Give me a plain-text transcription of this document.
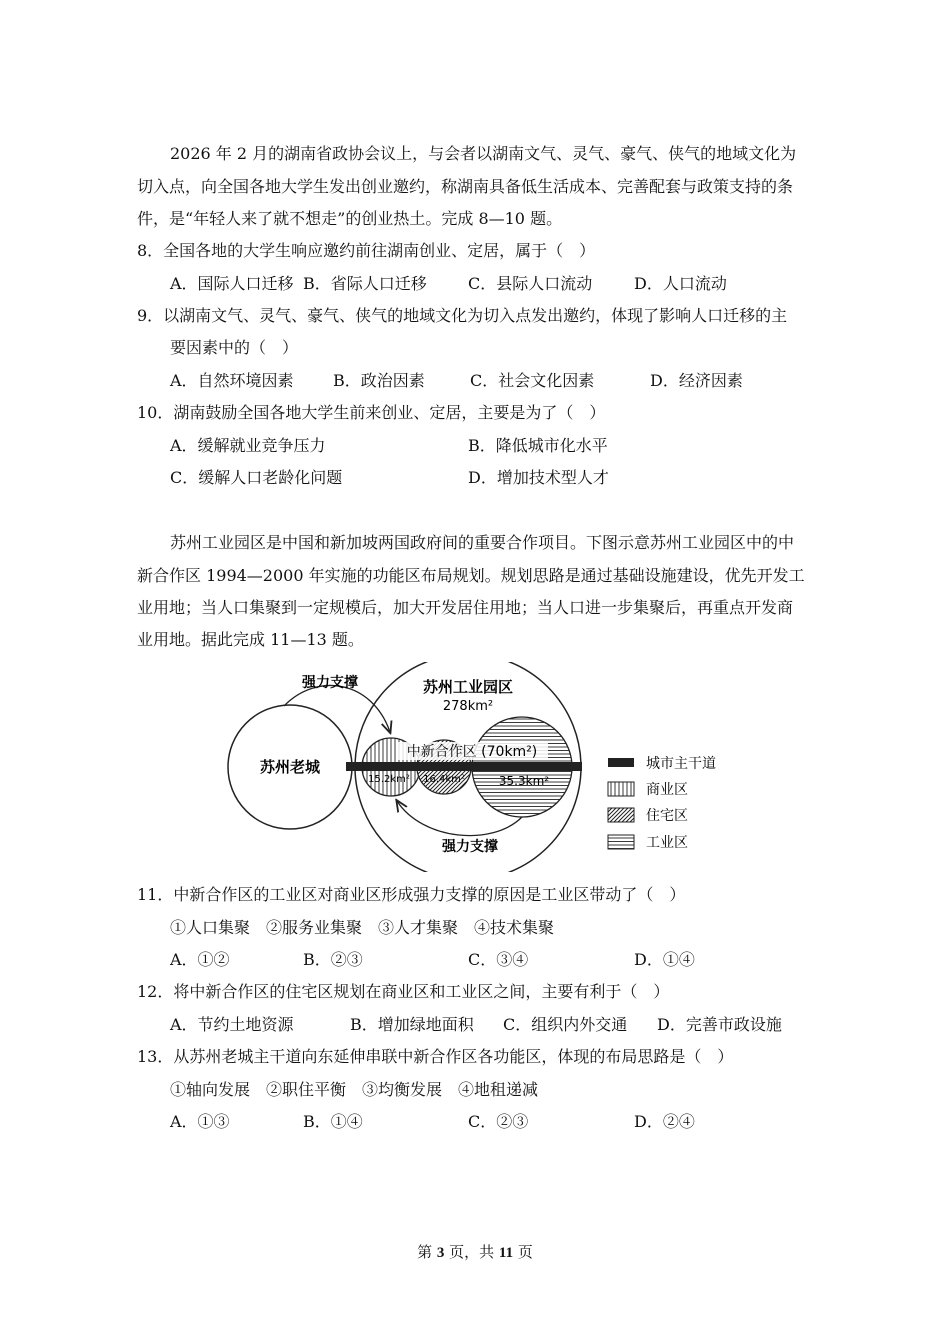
2026 年 2 月的湖南省政协会议上，与会者以湖南文气、灵气、豪气、侠气的地域文化为
切入点，向全国各地大学生发出创业邀约，称湖南具备低生活成本、完善配套与政策支持的条
件，是“年轻人来了就不想走”的创业热土。完成 8—10 题。
8．全国各地的大学生响应邀约前往湖南创业、定居，属于（　）
A．国际人口迁移 B．省际人口迁移	C．县际人口流动	D．人口流动
9．以湖南文气、灵气、豪气、侠气的地域文化为切入点发出邀约，体现了影响人口迁移的主
要因素中的（　）
A．自然环境因素 B．政治因素	C．社会文化因素	D．经济因素
10．湖南鼓励全国各地大学生前来创业、定居，主要是为了（　）
A．缓解就业竞争压力	B．降低城市化水平
C．缓解人口老龄化问题	D．增加技术型人才
苏州工业园区是中国和新加坡两国政府间的重要合作项目。下图示意苏州工业园区中的中
新合作区 1994—2000 年实施的功能区布局规划。规划思路是通过基础设施建设，优先开发工
业用地；当人口集聚到一定规模后，加大开发居住用地；当人口进一步集聚后，再重点开发商
业用地。据此完成 11—13 题。
苏州老城
苏州工业园区
278km²
中新合作区 (70km²)
15.2km² 16.4km²	35.3km²
强力支撑
强力支撑
城市主干道
商业区
住宅区
工业区
11．中新合作区的工业区对商业区形成强力支撑的原因是工业区带动了（　）
①人口集聚　②服务业集聚　③人才集聚　④技术集聚
A．①②	B．②③	C．③④	D．①④
12．将中新合作区的住宅区规划在商业区和工业区之间，主要有利于（　）
A．节约土地资源	B．增加绿地面积 C．组织内外交通 D．完善市政设施
13．从苏州老城主干道向东延伸串联中新合作区各功能区，体现的布局思路是（　）
①轴向发展　②职住平衡　③均衡发展　④地租递减
A．①③	B．①④	C．②③	D．②④
第 3 页，共 11 页
